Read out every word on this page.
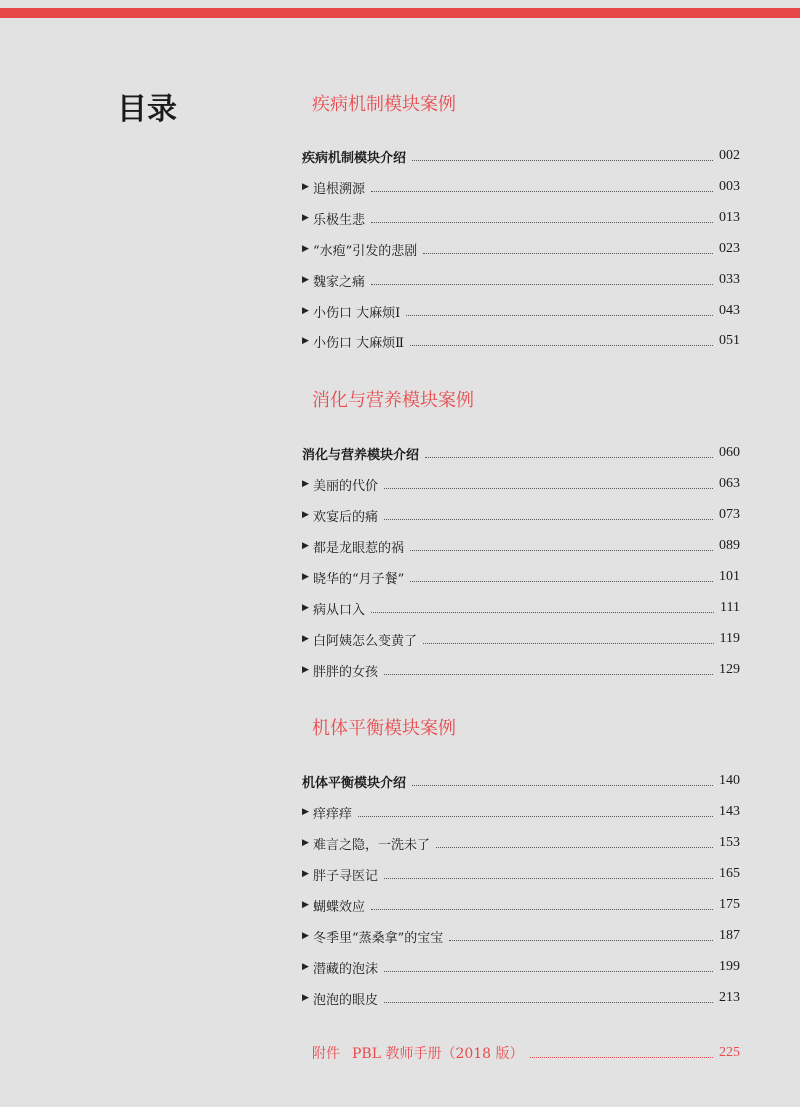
目录	疾病机制模块案例
疾病机制模块介绍	002
▶ 追根溯源	003
▶ 乐极生悲	013
▶ “水疱”引发的悲剧	023
▶ 魏家之痛	033
▶ 小伤口 大麻烦Ⅰ	043
▶ 小伤口 大麻烦Ⅱ	051
消化与营养模块案例
消化与营养模块介绍	060
▶ 美丽的代价	063
▶ 欢宴后的痛	073
▶ 都是龙眼惹的祸	089
▶ 晓华的“月子餐”	101
▶ 病从口入	111
▶ 白阿姨怎么变黄了	119
▶ 胖胖的女孩	129
机体平衡模块案例
机体平衡模块介绍	140
▶ 痒痒痒	143
▶ 难言之隐，一洗未了	153
▶ 胖子寻医记	165
▶ 蝴蝶效应	175
▶ 冬季里“蒸桑拿”的宝宝	187
▶ 潜藏的泡沫	199
▶ 泡泡的眼皮	213
附件 PBL 教师手册（2018 版）	225
